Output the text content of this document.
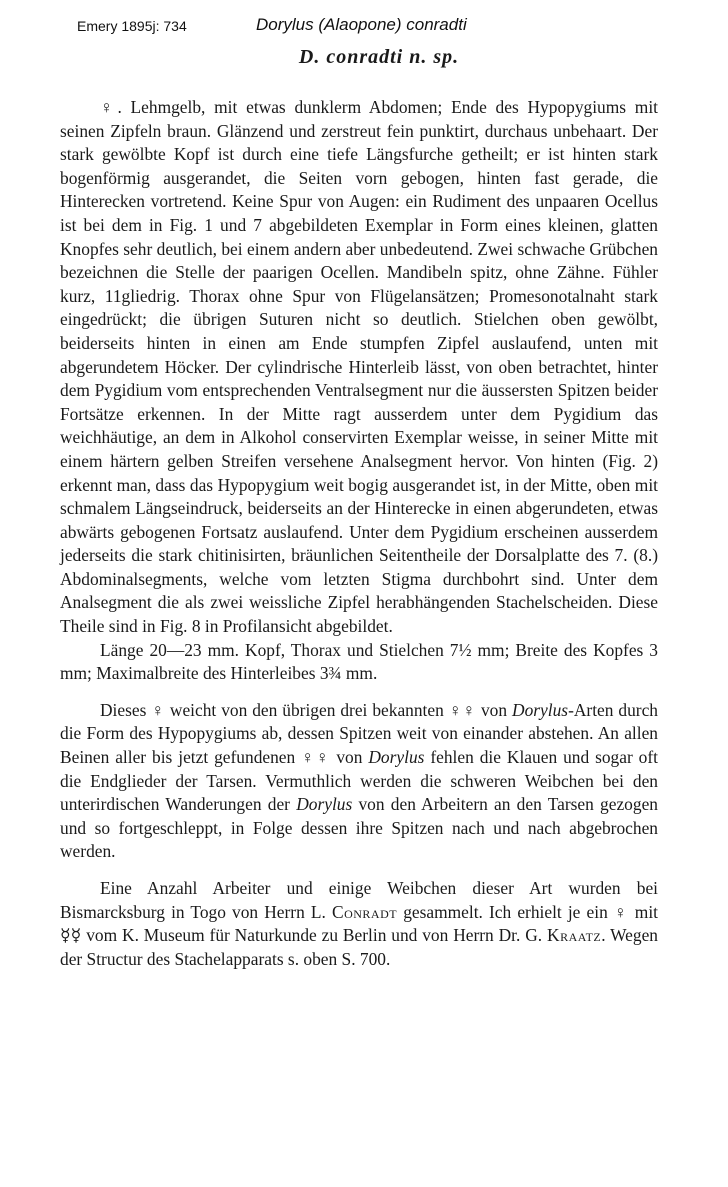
Emery 1895j: 734	Dorylus (Alaopone) conradti
D. conradti n. sp.

♀. Lehmgelb, mit etwas dunklerm Abdomen; Ende des Hypopygiums mit seinen Zipfeln braun. Glänzend und zerstreut fein punktirt, durchaus unbehaart. Der stark gewölbte Kopf ist durch eine tiefe Längsfurche getheilt; er ist hinten stark bogenförmig ausgerandet, die Seiten vorn gebogen, hinten fast gerade, die Hinterecken vortretend. Keine Spur von Augen: ein Rudiment des unpaaren Ocellus ist bei dem in Fig. 1 und 7 abgebildeten Exemplar in Form eines kleinen, glatten Knopfes sehr deutlich, bei einem andern aber unbedeutend. Zwei schwache Grübchen bezeichnen die Stelle der paarigen Ocellen. Mandibeln spitz, ohne Zähne. Fühler kurz, 11gliedrig. Thorax ohne Spur von Flügelansätzen; Promesonotalnaht stark eingedrückt; die übrigen Suturen nicht so deutlich. Stielchen oben gewölbt, beiderseits hinten in einen am Ende stumpfen Zipfel auslaufend, unten mit abgerundetem Höcker. Der cylindrische Hinterleib lässt, von oben betrachtet, hinter dem Pygidium vom entsprechenden Ventralsegment nur die äussersten Spitzen beider Fortsätze erkennen. In der Mitte ragt ausserdem unter dem Pygidium das weichhäutige, an dem in Alkohol conservirten Exemplar weisse, in seiner Mitte mit einem härtern gelben Streifen versehene Analsegment hervor. Von hinten (Fig. 2) erkennt man, dass das Hypopygium weit bogig ausgerandet ist, in der Mitte, oben mit schmalem Längseindruck, beiderseits an der Hinterecke in einen abgerundeten, etwas abwärts gebogenen Fortsatz auslaufend. Unter dem Pygidium erscheinen ausserdem jederseits die stark chitinisirten, bräunlichen Seitentheile der Dorsalplatte des 7. (8.) Abdominalsegments, welche vom letzten Stigma durchbohrt sind. Unter dem Analsegment die als zwei weissliche Zipfel herabhängenden Stachelscheiden. Diese Theile sind in Fig. 8 in Profilansicht abgebildet.

Länge 20—23 mm. Kopf, Thorax und Stielchen 7½ mm; Breite des Kopfes 3 mm; Maximalbreite des Hinterleibes 3¾ mm.

Dieses ♀ weicht von den übrigen drei bekannten ♀♀ von Dorylus-Arten durch die Form des Hypopygiums ab, dessen Spitzen weit von einander abstehen. An allen Beinen aller bis jetzt gefundenen ♀♀ von Dorylus fehlen die Klauen und sogar oft die Endglieder der Tarsen. Vermuthlich werden die schweren Weibchen bei den unterirdischen Wanderungen der Dorylus von den Arbeitern an den Tarsen gezogen und so fortgeschleppt, in Folge dessen ihre Spitzen nach und nach abgebrochen werden.

Eine Anzahl Arbeiter und einige Weibchen dieser Art wurden bei Bismarcksburg in Togo von Herrn L. Conradt gesammelt. Ich erhielt je ein ♀ mit ☿☿ vom K. Museum für Naturkunde zu Berlin und von Herrn Dr. G. Kraatz. Wegen der Structur des Stachelapparats s. oben S. 700.
